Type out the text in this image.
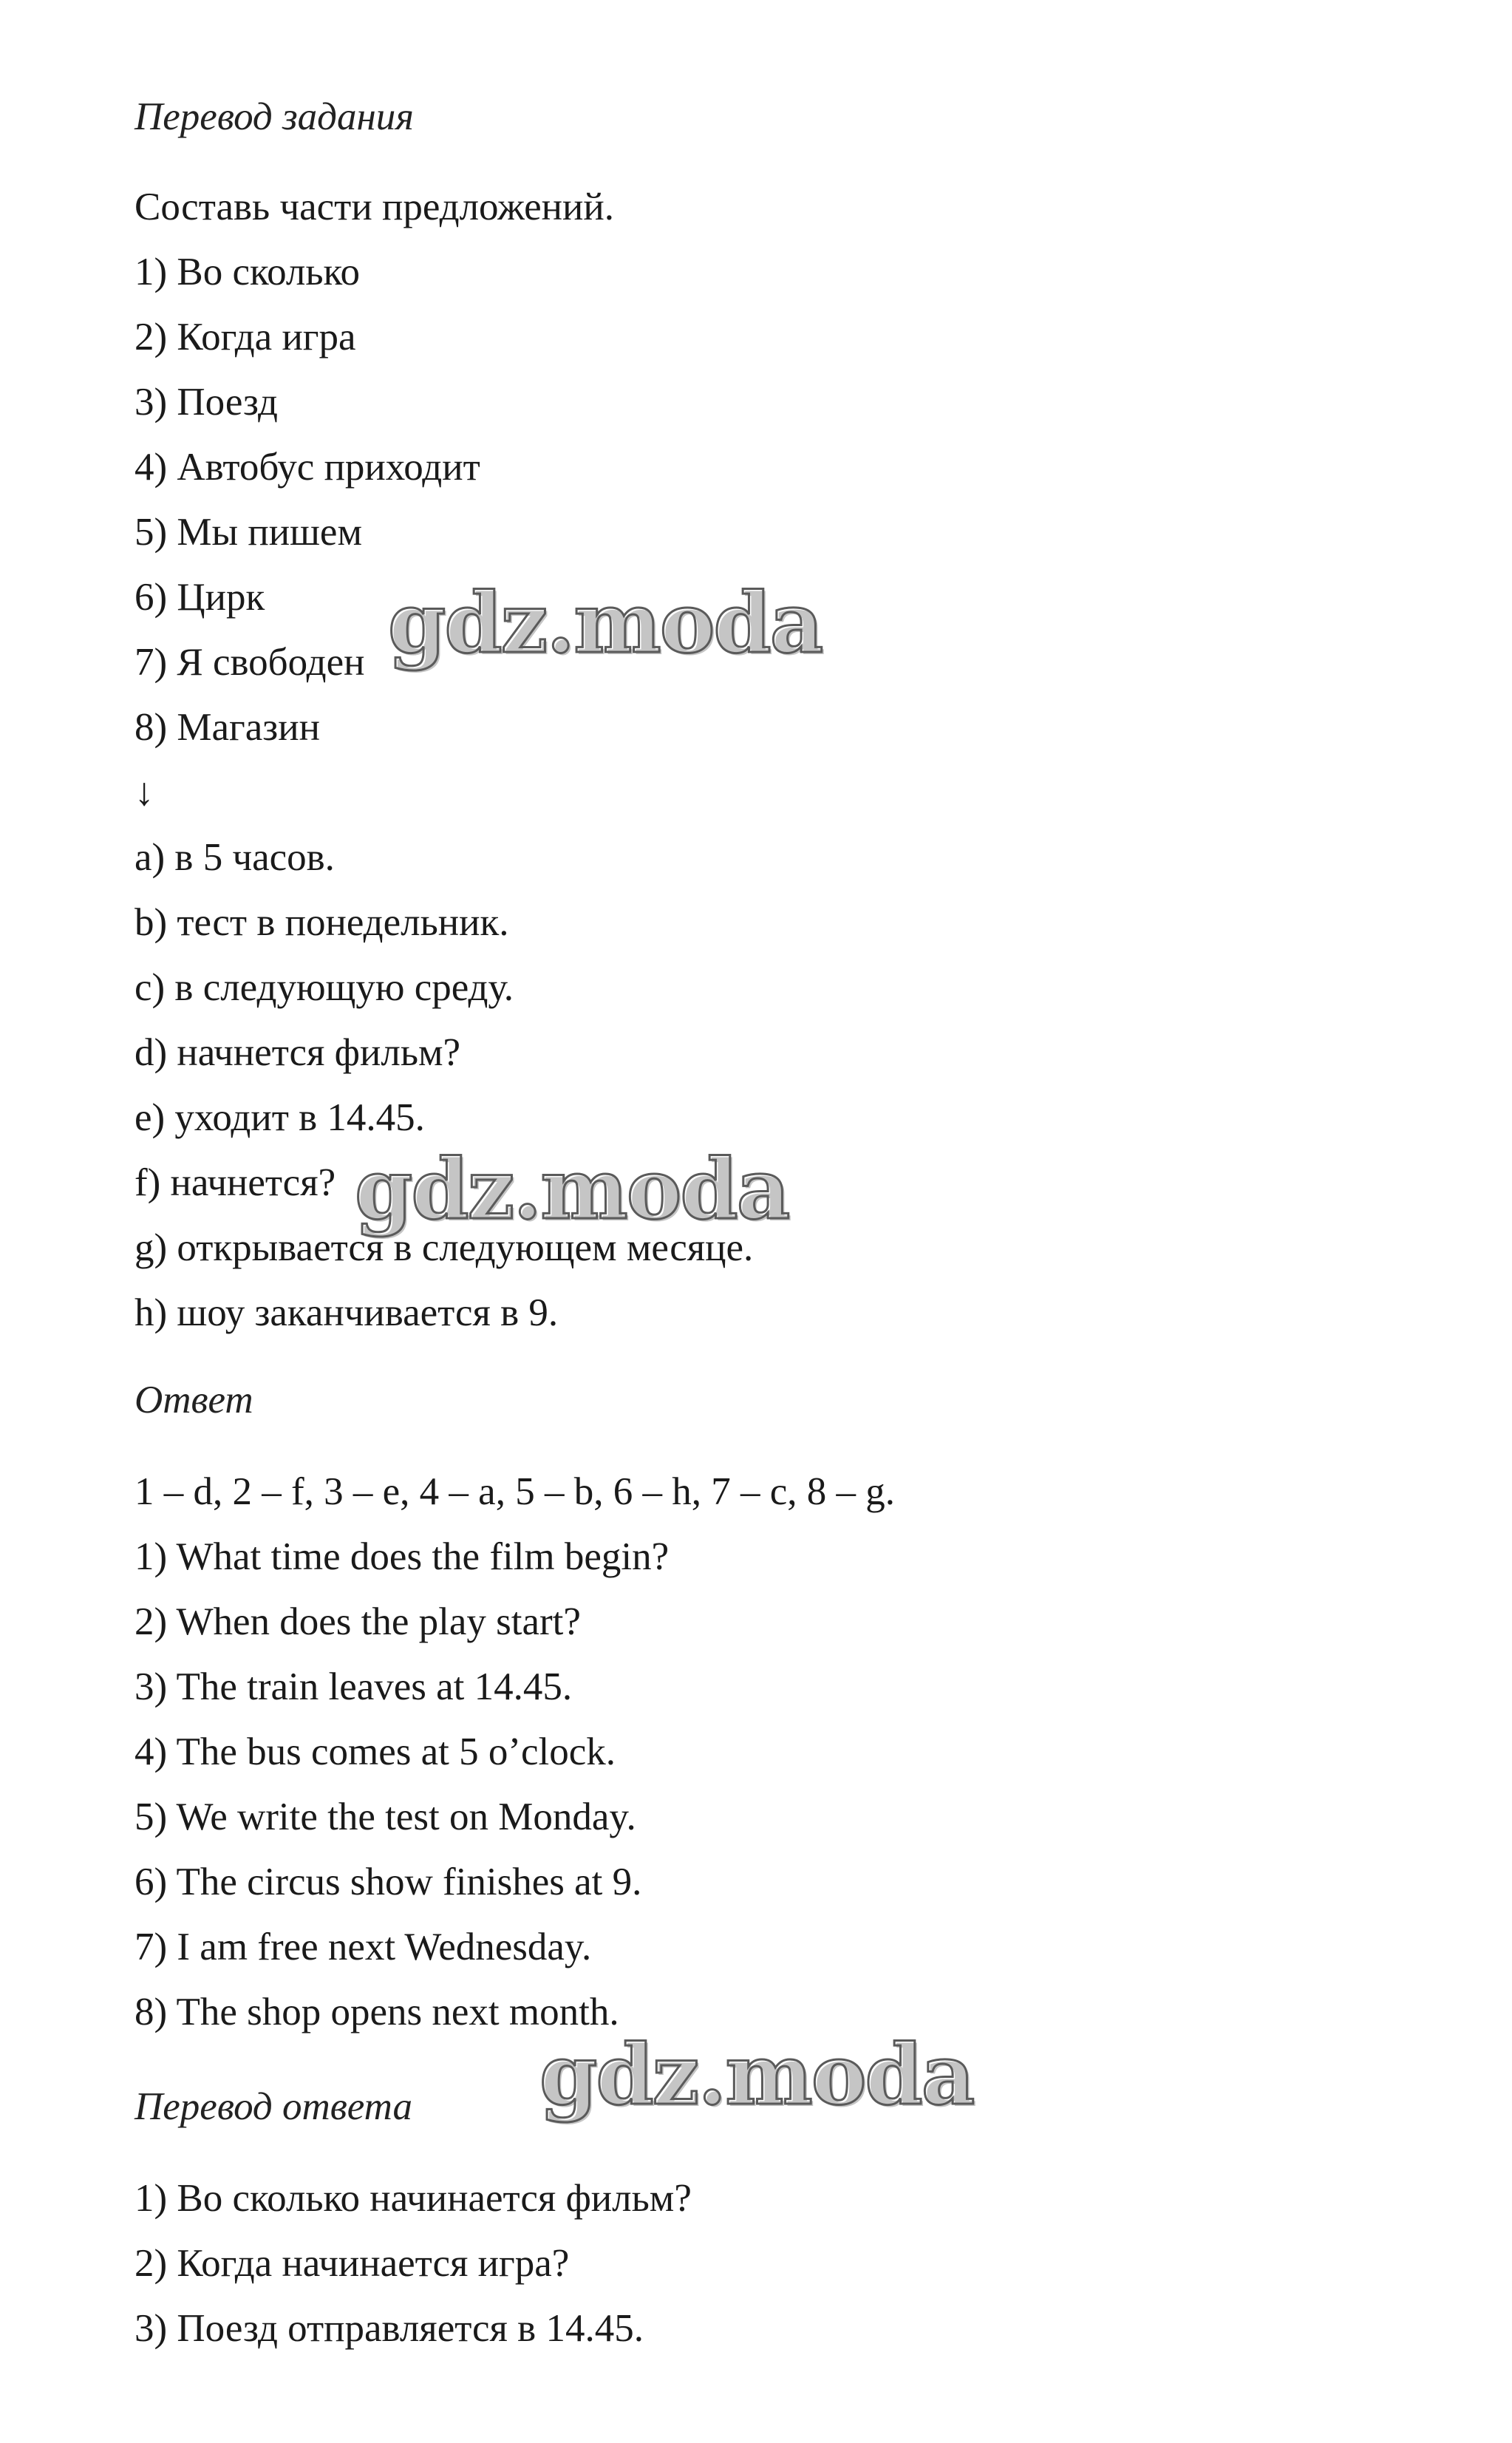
Перевод задания
Составь части предложений.
1) Во сколько
2) Когда игра
3) Поезд
4) Автобус приходит
5) Мы пишем
6) Цирк
7) Я свободен
8) Магазин
↓
a) в 5 часов.
b) тест в понедельник.
c) в следующую среду.
d) начнется фильм?
e) уходит в 14.45.
f) начнется?
g) открывается в следующем месяце.
h) шоу заканчивается в 9.
Ответ
1 – d, 2 – f, 3 – e, 4 – a, 5 – b, 6 – h, 7 – c, 8 – g.
1) What time does the film begin?
2) When does the play start?
3) The train leaves at 14.45.
4) The bus comes at 5 o’clock.
5) We write the test on Monday.
6) The circus show finishes at 9.
7) I am free next Wednesday.
8) The shop opens next month.
Перевод ответа
1) Во сколько начинается фильм?
2) Когда начинается игра?
3) Поезд отправляется в 14.45.
gdz.moda
gdz.moda
gdz.moda
